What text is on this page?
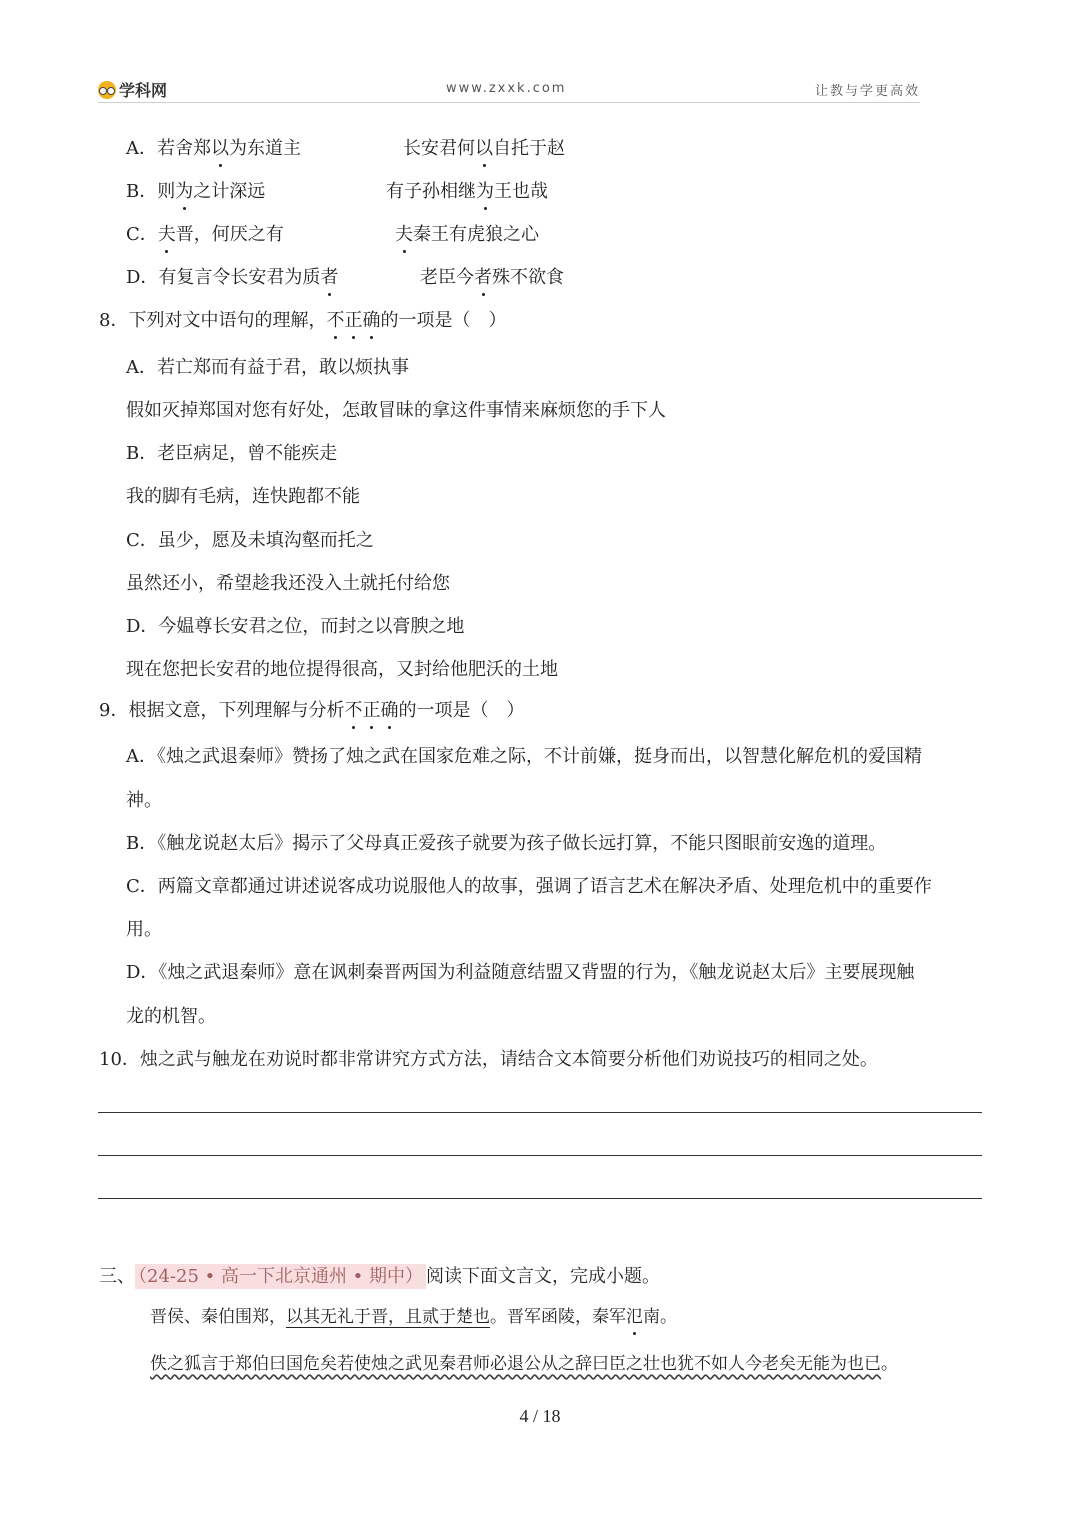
学科网	www.zxxk.com	让教与学更高效
A．若舍郑以为东道主	长安君何以自托于赵
B．则为之计深远	有子孙相继为王也哉
C．夫晋，何厌之有	夫秦王有虎狼之心
D．有复言令长安君为质者	老臣今者殊不欲食
8．下列对文中语句的理解，不正确的一项是（　）
A．若亡郑而有益于君，敢以烦执事
假如灭掉郑国对您有好处，怎敢冒昧的拿这件事情来麻烦您的手下人
B．老臣病足，曾不能疾走
我的脚有毛病，连快跑都不能
C．虽少，愿及未填沟壑而托之
虽然还小，希望趁我还没入土就托付给您
D．今媪尊长安君之位，而封之以膏腴之地
现在您把长安君的地位提得很高，又封给他肥沃的土地
9．根据文意，下列理解与分析不正确的一项是（　）
A．《烛之武退秦师》赞扬了烛之武在国家危难之际，不计前嫌，挺身而出，以智慧化解危机的爱国精
神。
B．《触龙说赵太后》揭示了父母真正爱孩子就要为孩子做长远打算，不能只图眼前安逸的道理。
C．两篇文章都通过讲述说客成功说服他人的故事，强调了语言艺术在解决矛盾、处理危机中的重要作
用。
D．《烛之武退秦师》意在讽刺秦晋两国为利益随意结盟又背盟的行为，《触龙说赵太后》主要展现触
龙的机智。
10．烛之武与触龙在劝说时都非常讲究方式方法，请结合文本简要分析他们劝说技巧的相同之处。
三、 （24-25 • 高一下北京通州 • 期中） 阅读下面文言文，完成小题。
晋侯、秦伯围郑，以其无礼于晋，且贰于楚也。晋军函陵，秦军氾南。
佚之狐言于郑伯曰国危矣若使烛之武见秦君师必退公从之辞曰臣之壮也犹不如人今老矣无能为也已。
4 / 18
